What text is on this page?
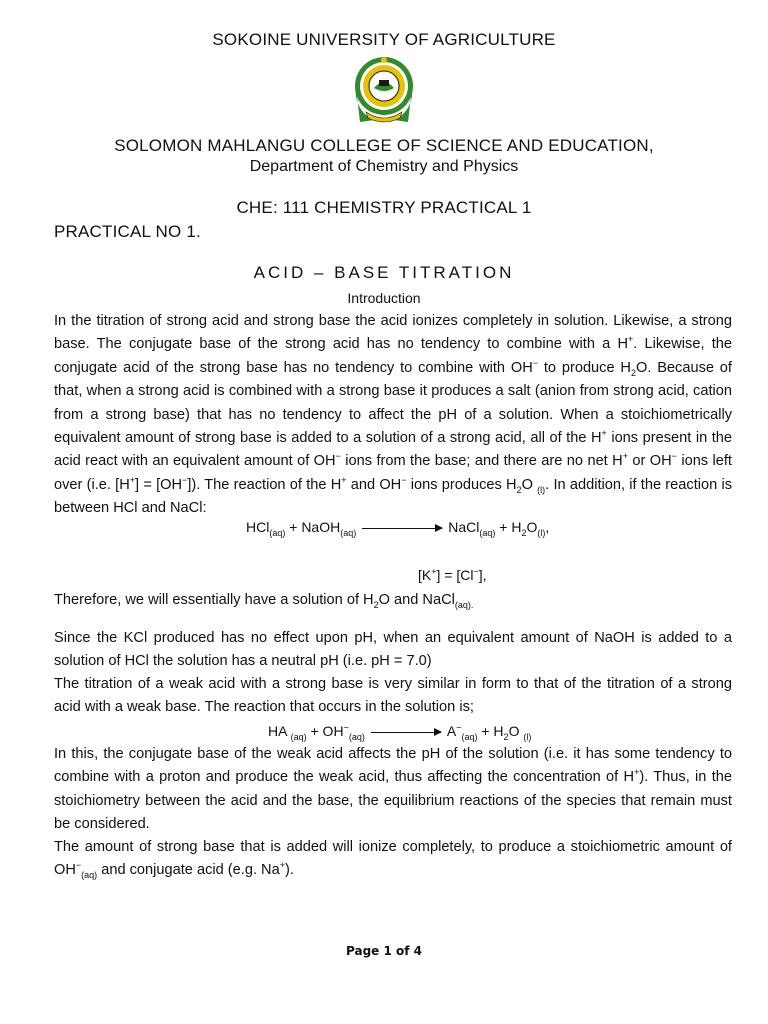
SOKOINE UNIVERSITY OF AGRICULTURE
SOLOMON MAHLANGU COLLEGE OF SCIENCE AND EDUCATION,
Department of Chemistry and Physics
CHE: 111 CHEMISTRY PRACTICAL 1
PRACTICAL NO 1.
ACID – BASE TITRATION
Introduction

In the titration of strong acid and strong base the acid ionizes completely in solution. Likewise, a strong base. The conjugate base of the strong acid has no tendency to combine with a H+. Likewise, the conjugate acid of the strong base has no tendency to combine with OH− to produce $H_2O$. Because of that, when a strong acid is combined with a strong base it produces a salt (anion from strong acid, cation from a strong base) that has no tendency to affect the pH of a solution. When a stoichiometrically equivalent amount of strong base is added to a solution of a strong acid, all of the H+ ions present in the acid react with an equivalent amount of OH− ions from the base; and there are no net H+ or OH− ions left over (i.e. [H+] = [OH−]). The reaction of the H+ and OH− ions produces $H_2O$ $_{(l)}$. In addition, if the reaction is between HCl and NaCl:

HCl$_{(aq)}$ + NaOH$_{(aq)}$	NaCl$_{(aq)}$ + $H_2O_{(l)}$,
[K+] = [Cl−],

Therefore, we will essentially have a solution of $H_2O$ and NaCl$_{(aq).}$

Since the KCl produced has no effect upon pH, when an equivalent amount of NaOH is added to a solution of HCl the solution has a neutral pH (i.e. pH = 7.0)

The titration of a weak acid with a strong base is very similar in form to that of the titration of a strong acid with a weak base. The reaction that occurs in the solution is;

HA $_{(aq)} + OH^-_{(aq)}$	$A^-_{(aq)} + H_2O$ $_{(l)}$

In this, the conjugate base of the weak acid affects the pH of the solution (i.e. it has some tendency to combine with a proton and produce the weak acid, thus affecting the concentration of H+). Thus, in the stoichiometry between the acid and the base, the equilibrium reactions of the species that remain must be considered.

The amount of strong base that is added will ionize completely, to produce a stoichiometric amount of $OH^-_{(aq)}$ and conjugate acid (e.g. Na+).

Page 1 of 4
